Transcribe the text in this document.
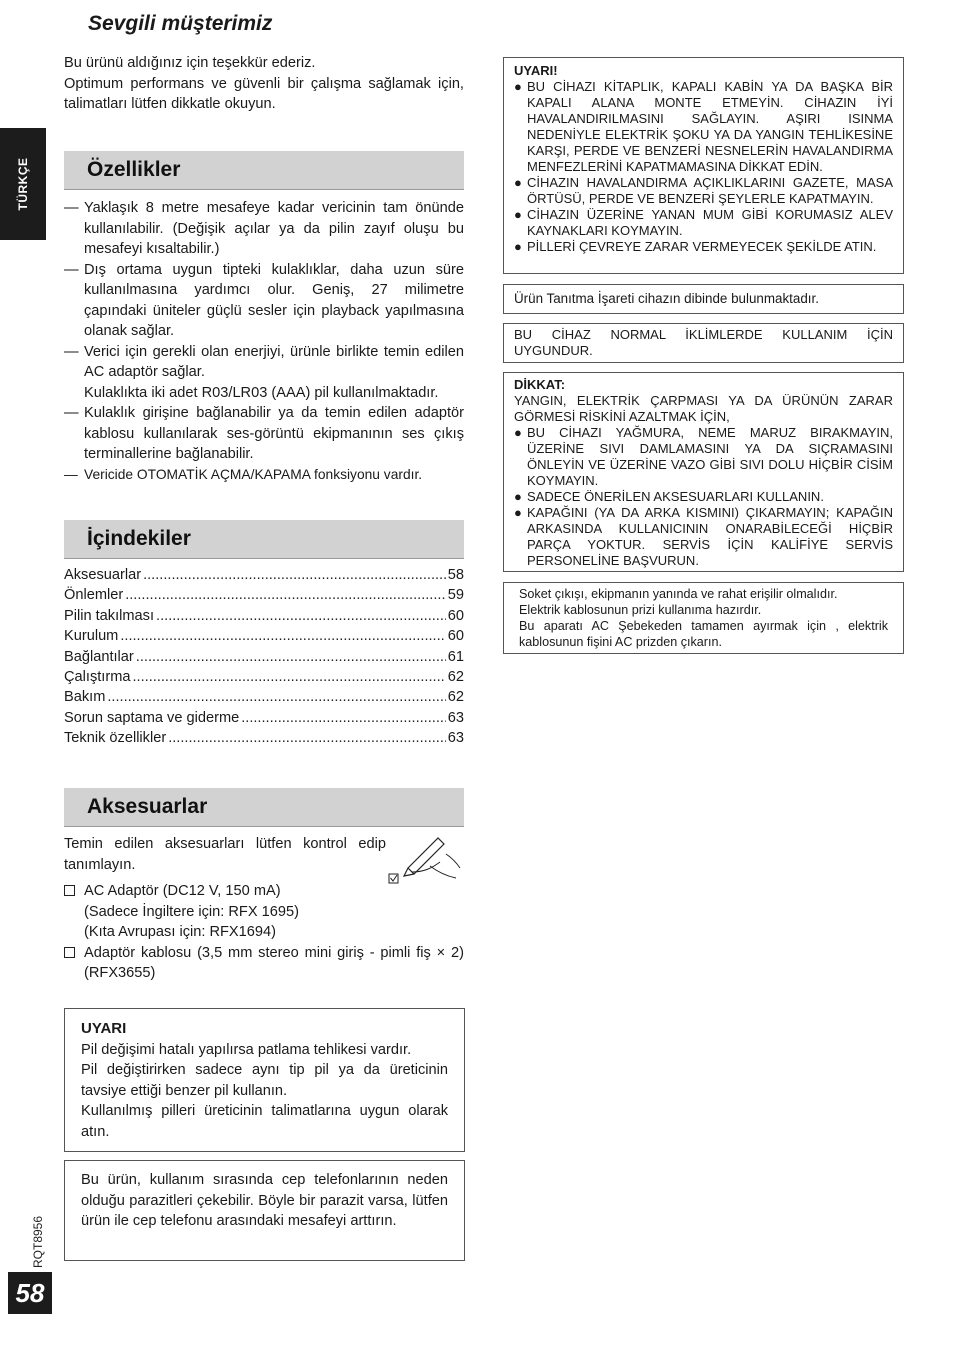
Sevgili müşterimiz
Bu ürünü aldığınız için teşekkür ederiz.
Optimum performans ve güvenli bir çalışma sağlamak için, talimatları lütfen dikkatle okuyun.
TÜRKÇE	Özellikler
— Yaklaşık 8 metre mesafeye kadar vericinin tam önünde kullanılabilir. (Değişik açılar ya da pilin zayıf oluşu bu mesafeyi kısaltabilir.)
— Dış ortama uygun tipteki kulaklıklar, daha uzun süre kullanılmasına yardımcı olur. Geniş, 27 milimetre çapındaki üniteler güçlü sesler için playback yapılmasına olanak sağlar.
— Verici için gerekli olan enerjiyi, ürünle birlikte temin edilen AC adaptör sağlar.
Kulaklıkta iki adet R03/LR03 (AAA) pil kullanılmaktadır.
— Kulaklık girişine bağlanabilir ya da temin edilen adaptör kablosu kullanılarak ses-görüntü ekipmanının ses çıkış terminallerine bağlanabilir.
— Vericide OTOMATİK AÇMA/KAPAMA fonksiyonu vardır.
İçindekiler
Aksesuarlar .....	58
Önlemler .....	59
Pilin takılması .....	60
Kurulum .....	60
Bağlantılar .....	61
Çalıştırma .....	62
Bakım .....	62
Sorun saptama ve giderme .....	63
Teknik özellikler .....	63
Aksesuarlar
Temin edilen aksesuarları lütfen kontrol edip tanımlayın.
AC Adaptör (DC12 V, 150 mA)
(Sadece İngiltere için: RFX 1695)
(Kıta Avrupası için: RFX1694)
Adaptör kablosu (3,5 mm stereo mini giriş - pimli fiş × 2) (RFX3655)
UYARI
Pil değişimi hatalı yapılırsa patlama tehlikesi vardır.
Pil değiştirirken sadece aynı tip pil ya da üreticinin tavsiye ettiği benzer pil kullanın.
Kullanılmış pilleri üreticinin talimatlarına uygun olarak atın.
Bu ürün, kullanım sırasında cep telefonlarının neden olduğu parazitleri çekebilir. Böyle bir parazit varsa, lütfen ürün ile cep telefonu arasındaki mesafeyi arttırın.
RQT8956
58
UYARI!
● BU CİHAZI KİTAPLIK, KAPALI KABİN YA DA BAŞKA BİR KAPALI ALANA MONTE ETMEYİN. CİHAZIN İYİ HAVALANDIRILMASINI SAĞLAYIN. AŞIRI ISINMA NEDENİYLE ELEKTRİK ŞOKU YA DA YANGIN TEHLİKESİNE KARŞI, PERDE VE BENZERİ NESNELERİN HAVALANDIRMA MENFEZLERİNİ KAPATMAMASINA DİKKAT EDİN.
● CİHAZIN HAVALANDIRMA AÇIKLIKLARINI GAZETE, MASA ÖRTÜSÜ, PERDE VE BENZERİ ŞEYLERLE KAPATMAYIN.
● CİHAZIN ÜZERİNE YANAN MUM GİBİ KORUMASIZ ALEV KAYNAKLARI KOYMAYIN.
● PİLLERİ ÇEVREYE ZARAR VERMEYECEK ŞEKİLDE ATIN.
Ürün Tanıtma İşareti cihazın dibinde bulunmaktadır.
BU CİHAZ NORMAL İKLİMLERDE KULLANIM İÇİN UYGUNDUR.
DİKKAT:
YANGIN, ELEKTRİK ÇARPMASI YA DA ÜRÜNÜN ZARAR GÖRMESİ RİSKİNİ AZALTMAK İÇİN,
● BU CİHAZI YAĞMURA, NEME MARUZ BIRAKMAYIN, ÜZERİNE SIVI DAMLAMASINI YA DA SIÇRAMASINI ÖNLEYİN VE ÜZERİNE VAZO GİBİ SIVI DOLU HİÇBİR CİSİM KOYMAYIN.
● SADECE ÖNERİLEN AKSESUARLARI KULLANIN.
● KAPAĞINI (YA DA ARKA KISMINI) ÇIKARMAYIN; KAPAĞIN ARKASINDA KULLANICININ ONARABİLECEĞİ HİÇBİR PARÇA YOKTUR. SERVİS İÇİN KALİFİYE SERVİS PERSONELİNE BAŞVURUN.
Soket çıkışı, ekipmanın yanında ve rahat erişilir olmalıdır.
Elektrik kablosunun prizi kullanıma hazırdır.
Bu aparatı AC Şebekeden tamamen ayırmak için , elektrik kablosunun fişini AC prizden çıkarın.
